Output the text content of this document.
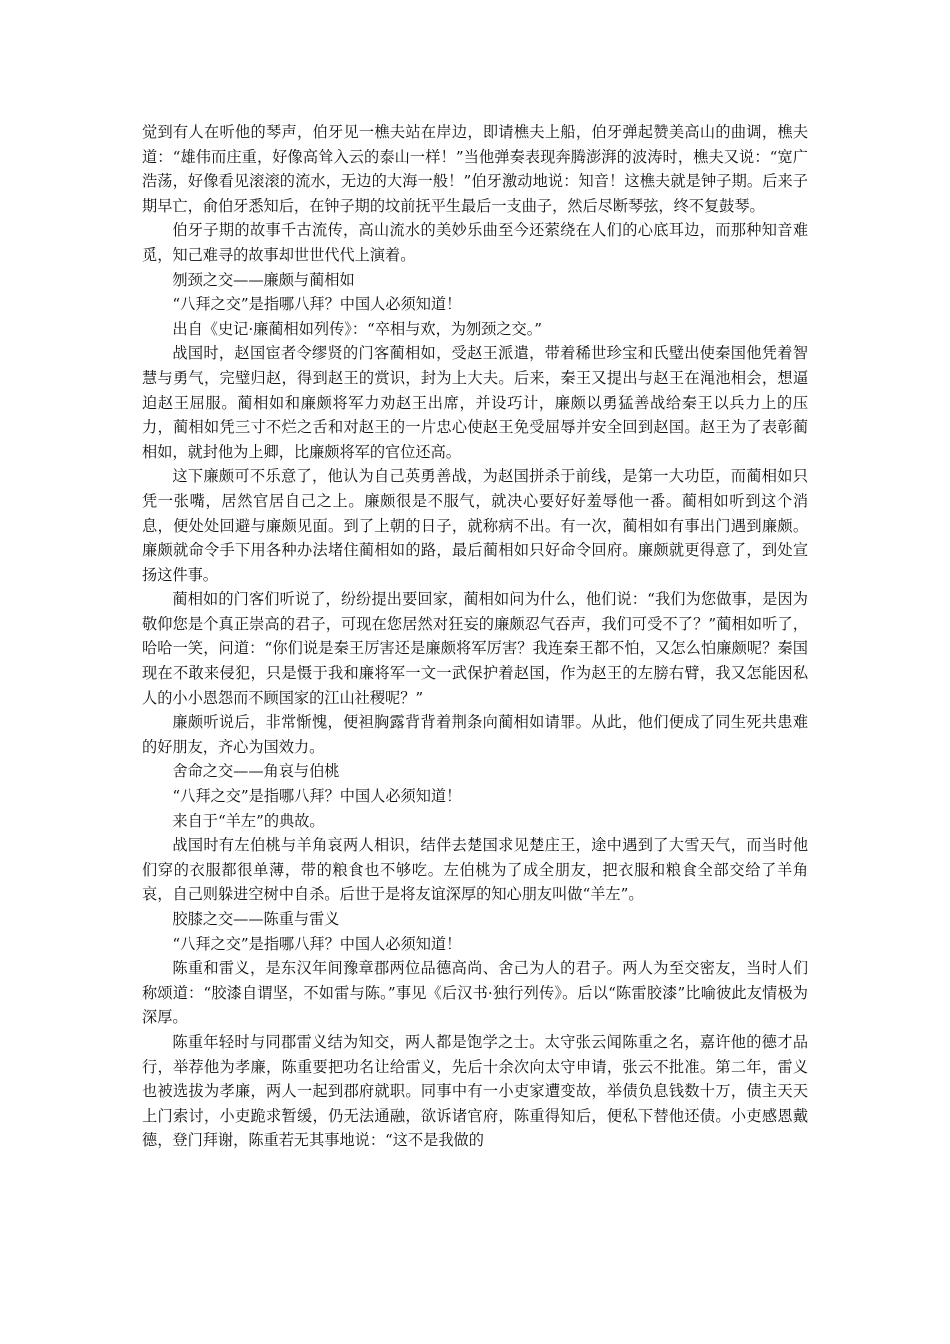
觉到有人在听他的琴声，伯牙见一樵夫站在岸边，即请樵夫上船，伯牙弹起赞美高山的曲调，樵夫道：“雄伟而庄重，好像高耸入云的泰山一样！”当他弹奏表现奔腾澎湃的波涛时，樵夫又说：“宽广浩荡，好像看见滚滚的流水，无边的大海一般！”伯牙激动地说：知音！这樵夫就是钟子期。后来子期早亡，俞伯牙悉知后，在钟子期的坟前抚平生最后一支曲子，然后尽断琴弦，终不复鼓琴。

伯牙子期的故事千古流传，高山流水的美妙乐曲至今还萦绕在人们的心底耳边，而那种知音难觅，知己难寻的故事却世世代代上演着。

刎颈之交——廉颇与蔺相如

“八拜之交”是指哪八拜？中国人必须知道！

出自《史记·廉蔺相如列传》：“卒相与欢，为刎颈之交。”

战国时，赵国宦者令缪贤的门客蔺相如，受赵王派遣，带着稀世珍宝和氏璧出使秦国他凭着智慧与勇气，完璧归赵，得到赵王的赏识，封为上大夫。后来，秦王又提出与赵王在渑池相会，想逼迫赵王屈服。蔺相如和廉颇将军力劝赵王出席，并设巧计，廉颇以勇猛善战给秦王以兵力上的压力，蔺相如凭三寸不烂之舌和对赵王的一片忠心使赵王免受屈辱并安全回到赵国。赵王为了表彰蔺相如，就封他为上卿，比廉颇将军的官位还高。

这下廉颇可不乐意了，他认为自己英勇善战，为赵国拼杀于前线，是第一大功臣，而蔺相如只凭一张嘴，居然官居自己之上。廉颇很是不服气，就决心要好好羞辱他一番。蔺相如听到这个消息，便处处回避与廉颇见面。到了上朝的日子，就称病不出。有一次，蔺相如有事出门遇到廉颇。廉颇就命令手下用各种办法堵住蔺相如的路，最后蔺相如只好命令回府。廉颇就更得意了，到处宣扬这件事。

蔺相如的门客们听说了，纷纷提出要回家，蔺相如问为什么，他们说：“我们为您做事，是因为敬仰您是个真正崇高的君子，可现在您居然对狂妄的廉颇忍气吞声，我们可受不了？”蔺相如听了，哈哈一笑，问道：“你们说是秦王厉害还是廉颇将军厉害？我连秦王都不怕，又怎么怕廉颇呢？秦国现在不敢来侵犯，只是慑于我和廉将军一文一武保护着赵国，作为赵王的左膀右臂，我又怎能因私人的小小恩怨而不顾国家的江山社稷呢？”

廉颇听说后，非常惭愧，便袒胸露背背着荆条向蔺相如请罪。从此，他们便成了同生死共患难的好朋友，齐心为国效力。

舍命之交——角哀与伯桃

“八拜之交”是指哪八拜？中国人必须知道！

来自于“羊左”的典故。

战国时有左伯桃与羊角哀两人相识，结伴去楚国求见楚庄王，途中遇到了大雪天气，而当时他们穿的衣服都很单薄，带的粮食也不够吃。左伯桃为了成全朋友，把衣服和粮食全部交给了羊角哀，自己则躲进空树中自杀。后世于是将友谊深厚的知心朋友叫做“羊左”。

胶膝之交——陈重与雷义

“八拜之交”是指哪八拜？中国人必须知道！

陈重和雷义，是东汉年间豫章郡两位品德高尚、舍己为人的君子。两人为至交密友，当时人们称颂道：“胶漆自谓坚，不如雷与陈。”事见《后汉书·独行列传》。后以“陈雷胶漆”比喻彼此友情极为深厚。

陈重年轻时与同郡雷义结为知交，两人都是饱学之士。太守张云闻陈重之名，嘉许他的德才品行，举荐他为孝廉，陈重要把功名让给雷义，先后十余次向太守申请，张云不批准。第二年，雷义也被选拔为孝廉，两人一起到郡府就职。同事中有一小吏家遭变故，举债负息钱数十万，债主天天上门索讨，小吏跪求暂缓，仍无法通融，欲诉诸官府，陈重得知后，便私下替他还债。小吏感恩戴德，登门拜谢，陈重若无其事地说：“这不是我做的
